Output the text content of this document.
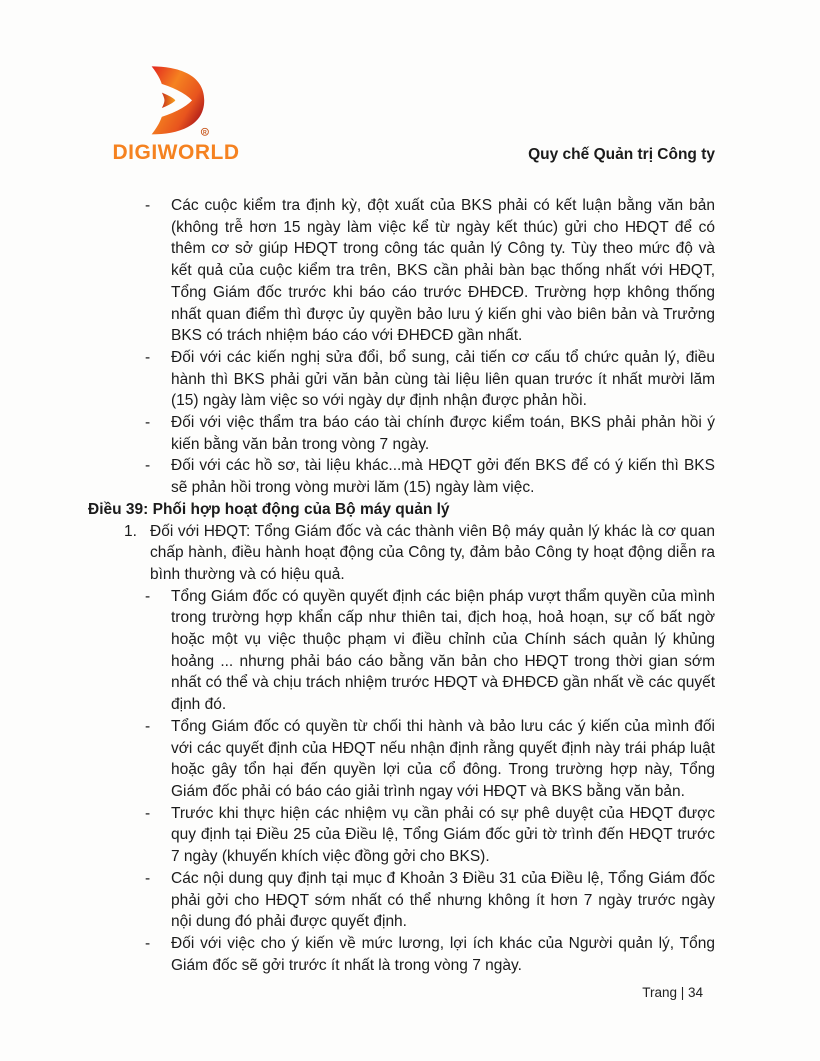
R
DIGIWORLD	Quy chế Quản trị Công ty
-	Các cuộc kiểm tra định kỳ, đột xuất của BKS phải có kết luận bằng văn bản (không trễ hơn 15 ngày làm việc kể từ ngày kết thúc) gửi cho HĐQT để có thêm cơ sở giúp HĐQT trong công tác quản lý Công ty. Tùy theo mức độ và kết quả của cuộc kiểm tra trên, BKS cần phải bàn bạc thống nhất với HĐQT, Tổng Giám đốc trước khi báo cáo trước ĐHĐCĐ. Trường hợp không thống nhất quan điểm thì được ủy quyền bảo lưu ý kiến ghi vào biên bản và Trưởng BKS có trách nhiệm báo cáo với ĐHĐCĐ gần nhất.
-	Đối với các kiến nghị sửa đổi, bổ sung, cải tiến cơ cấu tổ chức quản lý, điều hành thì BKS phải gửi văn bản cùng tài liệu liên quan trước ít nhất mười lăm (15) ngày làm việc so với ngày dự định nhận được phản hồi.
-	Đối với việc thẩm tra báo cáo tài chính được kiểm toán, BKS phải phản hồi ý kiến bằng văn bản trong vòng 7 ngày.
-	Đối với các hồ sơ, tài liệu khác...mà HĐQT gởi đến BKS để có ý kiến thì BKS sẽ phản hồi trong vòng mười lăm (15) ngày làm việc.
Điều 39: Phối hợp hoạt động của Bộ máy quản lý
1. Đối với HĐQT: Tổng Giám đốc và các thành viên Bộ máy quản lý khác là cơ quan chấp hành, điều hành hoạt động của Công ty, đảm bảo Công ty hoạt động diễn ra bình thường và có hiệu quả.
-	Tổng Giám đốc có quyền quyết định các biện pháp vượt thẩm quyền của mình trong trường hợp khẩn cấp như thiên tai, địch hoạ, hoả hoạn, sự cố bất ngờ hoặc một vụ việc thuộc phạm vi điều chỉnh của Chính sách quản lý khủng hoảng ... nhưng phải báo cáo bằng văn bản cho HĐQT trong thời gian sớm nhất có thể và chịu trách nhiệm trước HĐQT và ĐHĐCĐ gần nhất về các quyết định đó.
-	Tổng Giám đốc có quyền từ chối thi hành và bảo lưu các ý kiến của mình đối với các quyết định của HĐQT nếu nhận định rằng quyết định này trái pháp luật hoặc gây tổn hại đến quyền lợi của cổ đông. Trong trường hợp này, Tổng Giám đốc phải có báo cáo giải trình ngay với HĐQT và BKS bằng văn bản.
-	Trước khi thực hiện các nhiệm vụ cần phải có sự phê duyệt của HĐQT được quy định tại Điều 25 của Điều lệ, Tổng Giám đốc gửi tờ trình đến HĐQT trước 7 ngày (khuyến khích việc đồng gởi cho BKS).
-	Các nội dung quy định tại mục đ Khoản 3 Điều 31 của Điều lệ, Tổng Giám đốc phải gởi cho HĐQT sớm nhất có thể nhưng không ít hơn 7 ngày trước ngày nội dung đó phải được quyết định.
-	Đối với việc cho ý kiến về mức lương, lợi ích khác của Người quản lý, Tổng Giám đốc sẽ gởi trước ít nhất là trong vòng 7 ngày.
Trang | 34
